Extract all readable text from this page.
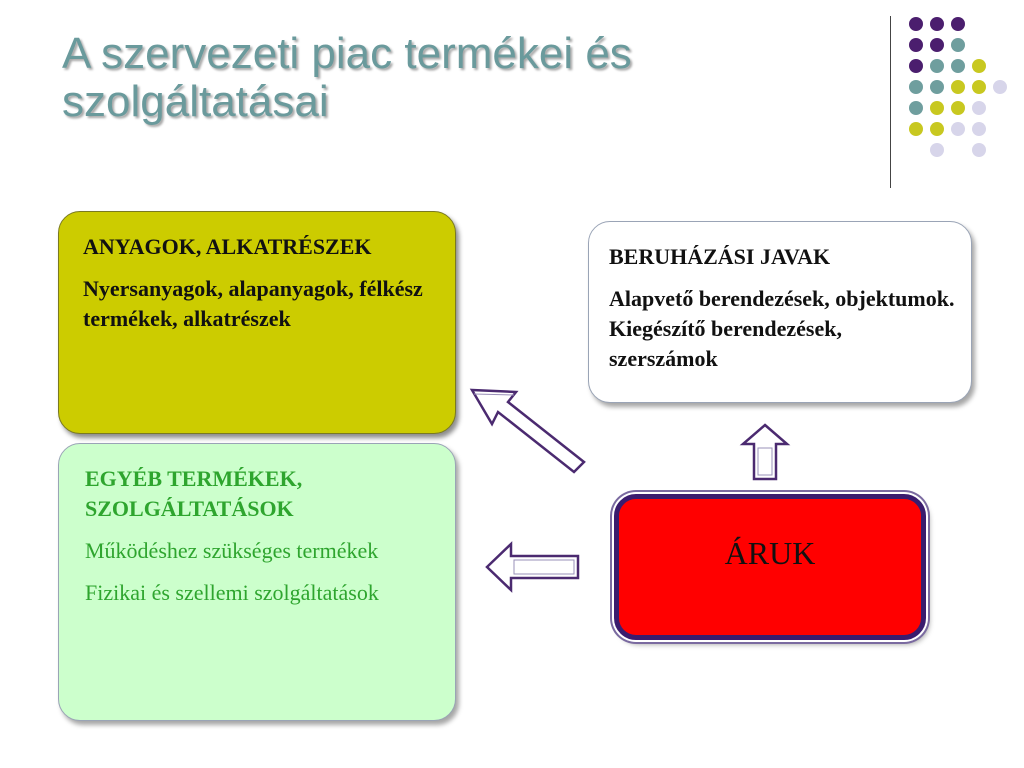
A szervezeti piac termékei és szolgáltatásai

ANYAGOK, ALKATRÉSZEK

Nyersanyagok, alapanyagok, félkész termékek, alkatrészek

BERUHÁZÁSI JAVAK

Alapvető berendezések, objektumok. Kiegészítő berendezések, szerszámok

EGYÉB TERMÉKEK, SZOLGÁLTATÁSOK

Működéshez szükséges termékek

Fizikai és szellemi szolgáltatások

ÁRUK
